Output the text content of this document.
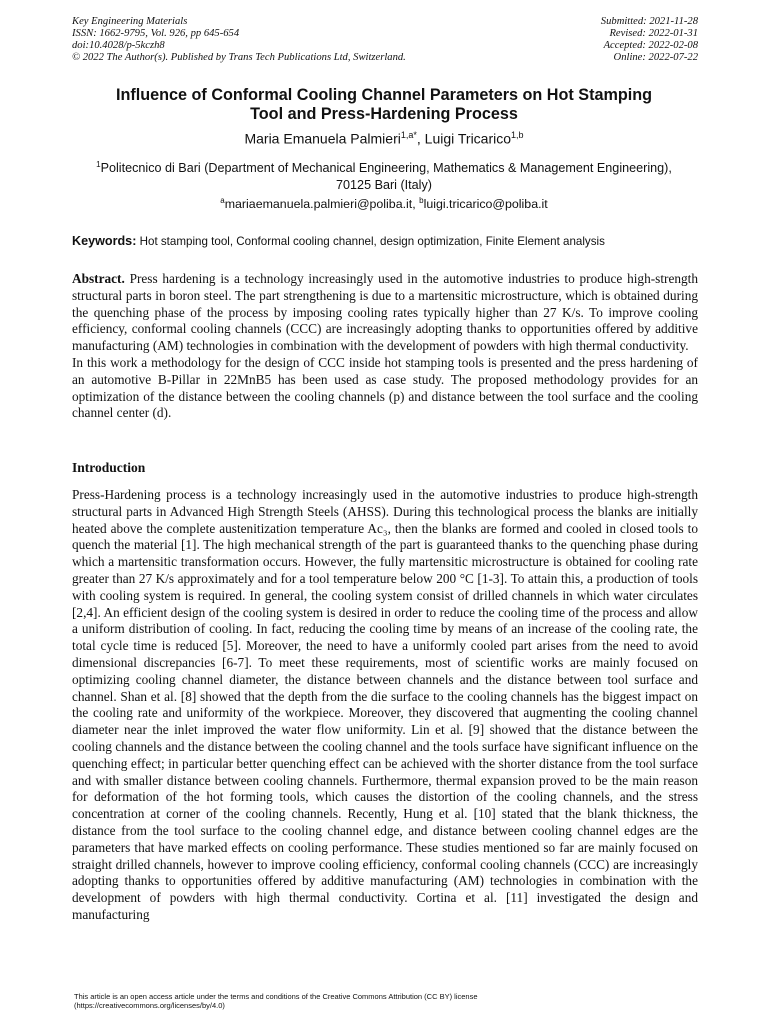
Key Engineering Materials
ISSN: 1662-9795, Vol. 926, pp 645-654
doi:10.4028/p-5kczh8
© 2022 The Author(s). Published by Trans Tech Publications Ltd, Switzerland.
Submitted: 2021-11-28
Revised: 2022-01-31
Accepted: 2022-02-08
Online: 2022-07-22
Influence of Conformal Cooling Channel Parameters on Hot Stamping
Tool and Press-Hardening Process
Maria Emanuela Palmieri$^{1,a*}$, Luigi Tricarico$^{1,b}$
$^1$Politecnico di Bari (Department of Mechanical Engineering, Mathematics & Management Engineering), 70125 Bari (Italy)
$^a$mariaemanuela.palmieri@poliba.it, $^b$luigi.tricarico@poliba.it
Keywords: Hot stamping tool, Conformal cooling channel, design optimization, Finite Element analysis

Abstract. Press hardening is a technology increasingly used in the automotive industries to produce high-strength structural parts in boron steel. The part strengthening is due to a martensitic microstructure, which is obtained during the quenching phase of the process by imposing cooling rates typically higher than 27 K/s. To improve cooling efficiency, conformal cooling channels (CCC) are increasingly adopting thanks to opportunities offered by additive manufacturing (AM) technologies in combination with the development of powders with high thermal conductivity.

In this work a methodology for the design of CCC inside hot stamping tools is presented and the press hardening of an automotive B-Pillar in 22MnB5 has been used as case study. The proposed methodology provides for an optimization of the distance between the cooling channels (p) and distance between the tool surface and the cooling channel center (d).

Introduction

Press-Hardening process is a technology increasingly used in the automotive industries to produce high-strength structural parts in Advanced High Strength Steels (AHSS). During this technological process the blanks are initially heated above the complete austenitization temperature Ac₃, then the blanks are formed and cooled in closed tools to quench the material [1]. The high mechanical strength of the part is guaranteed thanks to the quenching phase during which a martensitic transformation occurs. However, the fully martensitic microstructure is obtained for cooling rate greater than 27 K/s approximately and for a tool temperature below 200 °C [1-3]. To attain this, a production of tools with cooling system is required. In general, the cooling system consist of drilled channels in which water circulates [2,4]. An efficient design of the cooling system is desired in order to reduce the cooling time of the process and allow a uniform distribution of cooling. In fact, reducing the cooling time by means of an increase of the cooling rate, the total cycle time is reduced [5]. Moreover, the need to have a uniformly cooled part arises from the need to avoid dimensional discrepancies [6-7]. To meet these requirements, most of scientific works are mainly focused on optimizing cooling channel diameter, the distance between channels and the distance between tool surface and channel. Shan et al. [8] showed that the depth from the die surface to the cooling channels has the biggest impact on the cooling rate and uniformity of the workpiece. Moreover, they discovered that augmenting the cooling channel diameter near the inlet improved the water flow uniformity. Lin et al. [9] showed that the distance between the cooling channels and the distance between the cooling channel and the tools surface have significant influence on the quenching effect; in particular better quenching effect can be achieved with the shorter distance from the tool surface and with smaller distance between cooling channels. Furthermore, thermal expansion proved to be the main reason for deformation of the hot forming tools, which causes the distortion of the cooling channels, and the stress concentration at corner of the cooling channels. Recently, Hung et al. [10] stated that the blank thickness, the distance from the tool surface to the cooling channel edge, and distance between cooling channel edges are the parameters that have marked effects on cooling performance. These studies mentioned so far are mainly focused on straight drilled channels, however to improve cooling efficiency, conformal cooling channels (CCC) are increasingly adopting thanks to opportunities offered by additive manufacturing (AM) technologies in combination with the development of powders with high thermal conductivity. Cortina et al. [11] investigated the design and manufacturing

This article is an open access article under the terms and conditions of the Creative Commons Attribution (CC BY) license
(https://creativecommons.org/licenses/by/4.0)
